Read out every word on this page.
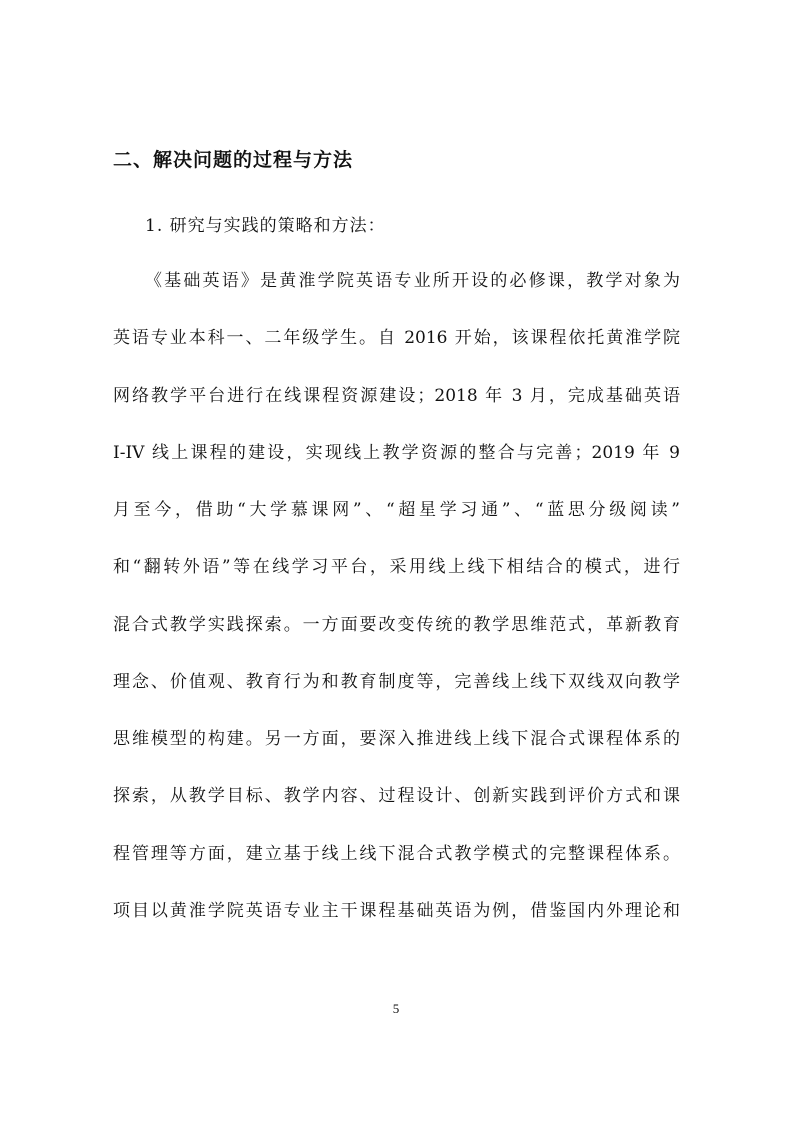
二、解决问题的过程与方法
1. 研究与实践的策略和方法：
《基础英语》是黄淮学院英语专业所开设的必修课，教学对象为
英语专业本科一、二年级学生。自 2016 开始，该课程依托黄淮学院
网络教学平台进行在线课程资源建设；2018 年 3 月，完成基础英语
I-IV 线上课程的建设，实现线上教学资源的整合与完善；2019 年 9
月至今，借助“大学慕课网”、“超星学习通”、“蓝思分级阅读”
和“翻转外语”等在线学习平台，采用线上线下相结合的模式，进行
混合式教学实践探索。一方面要改变传统的教学思维范式，革新教育
理念、价值观、教育行为和教育制度等，完善线上线下双线双向教学
思维模型的构建。另一方面，要深入推进线上线下混合式课程体系的
探索，从教学目标、教学内容、过程设计、创新实践到评价方式和课
程管理等方面，建立基于线上线下混合式教学模式的完整课程体系。
项目以黄淮学院英语专业主干课程基础英语为例，借鉴国内外理论和
5
